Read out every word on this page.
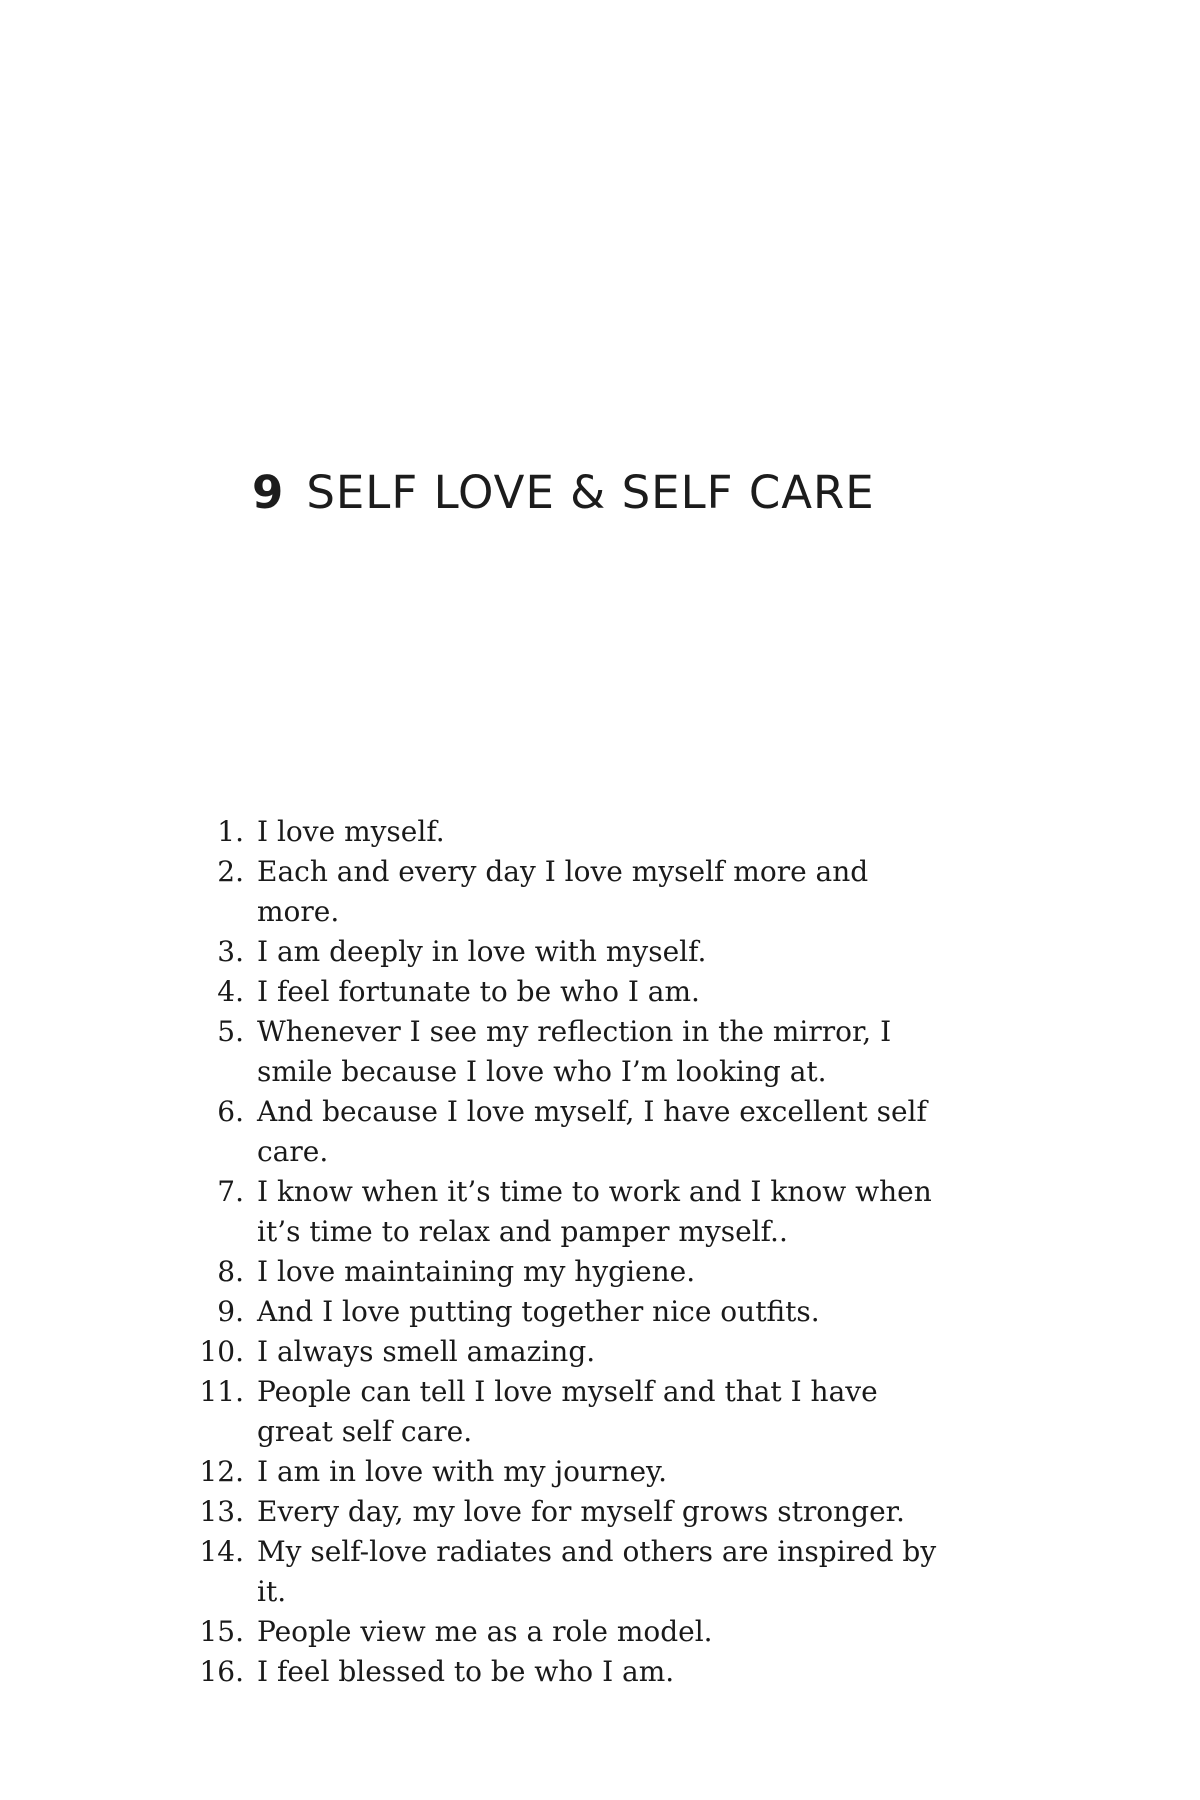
9 SELF LOVE & SELF CARE
1. I love myself.
2. Each and every day I love myself more and more.
3. I am deeply in love with myself.
4. I feel fortunate to be who I am.
5. Whenever I see my reflection in the mirror, I smile because I love who I’m looking at.
6. And because I love myself, I have excellent self care.
7. I know when it’s time to work and I know when it’s time to relax and pamper myself..
8. I love maintaining my hygiene.
9. And I love putting together nice outfits.
10. I always smell amazing.
11. People can tell I love myself and that I have great self care.
12. I am in love with my journey.
13. Every day, my love for myself grows stronger.
14. My self-love radiates and others are inspired by it.
15. People view me as a role model.
16. I feel blessed to be who I am.
